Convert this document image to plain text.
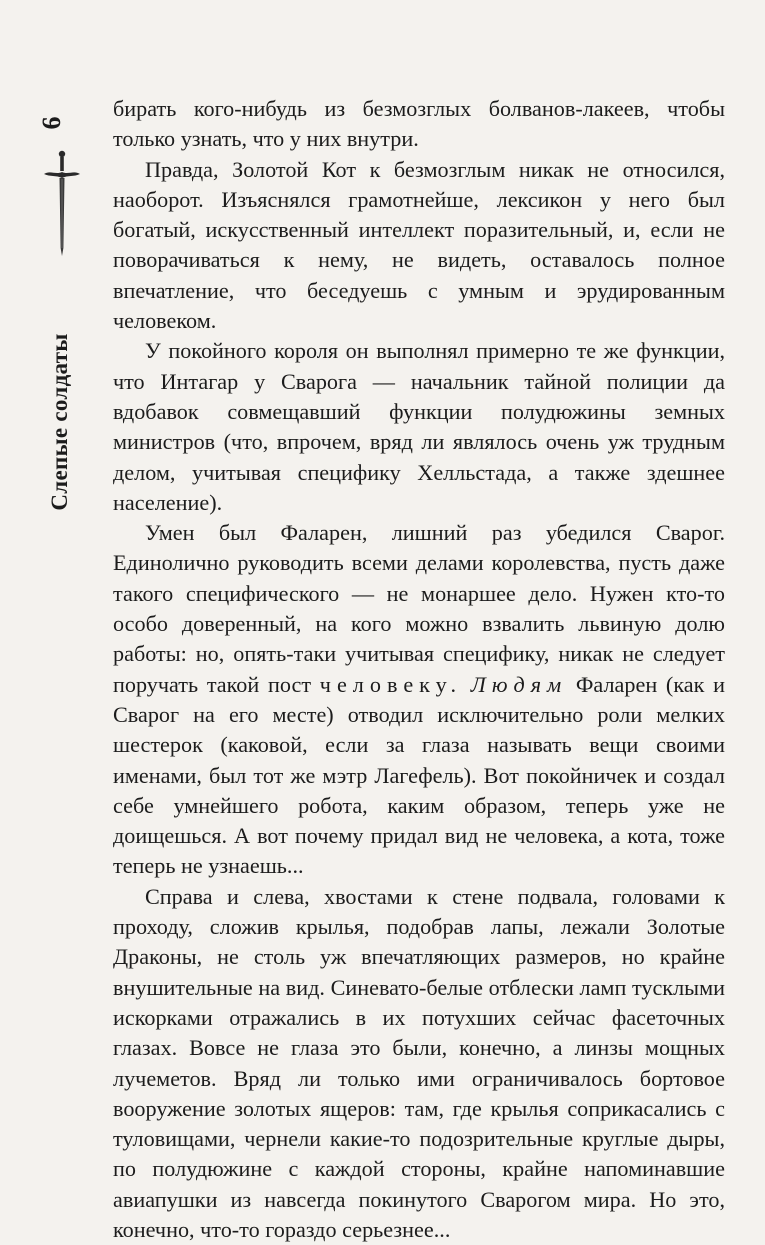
6
Слепые солдаты

бирать кого-нибудь из безмозглых болванов-лакеев, чтобы только узнать, что у них внутри.

Правда, Золотой Кот к безмозглым никак не относился, наоборот. Изъяснялся грамотнейше, лексикон у него был богатый, искусственный интеллект поразительный, и, если не поворачиваться к нему, не видеть, оставалось полное впечатление, что беседуешь с умным и эрудированным человеком.

У покойного короля он выполнял примерно те же функции, что Интагар у Сварога — начальник тайной полиции да вдобавок совмещавший функции полудюжины земных министров (что, впрочем, вряд ли являлось очень уж трудным делом, учитывая специфику Хелльстада, а также здешнее население).

Умен был Фаларен, лишний раз убедился Сварог. Единолично руководить всеми делами королевства, пусть даже такого специфического — не монаршее дело. Нужен кто-то особо доверенный, на кого можно взвалить львиную долю работы: но, опять-таки учитывая специфику, никак не следует поручать такой пост человеку. Людям Фаларен (как и Сварог на его месте) отводил исключительно роли мелких шестерок (каковой, если за глаза называть вещи своими именами, был тот же мэтр Лагефель). Вот покойничек и создал себе умнейшего робота, каким образом, теперь уже не доищешься. А вот почему придал вид не человека, а кота, тоже теперь не узнаешь...

Справа и слева, хвостами к стене подвала, головами к проходу, сложив крылья, подобрав лапы, лежали Золотые Драконы, не столь уж впечатляющих размеров, но крайне внушительные на вид. Синевато-белые отблески ламп тусклыми искорками отражались в их потухших сейчас фасеточных глазах. Вовсе не глаза это были, конечно, а линзы мощных лучеметов. Вряд ли только ими ограничивалось бортовое вооружение золотых ящеров: там, где крылья соприкасались с туловищами, чернели какие-то подозрительные круглые дыры, по полудюжине с каждой стороны, крайне напоминавшие авиапушки из навсегда покинутого Сварогом мира. Но это, конечно, что-то гораздо серьезнее...
